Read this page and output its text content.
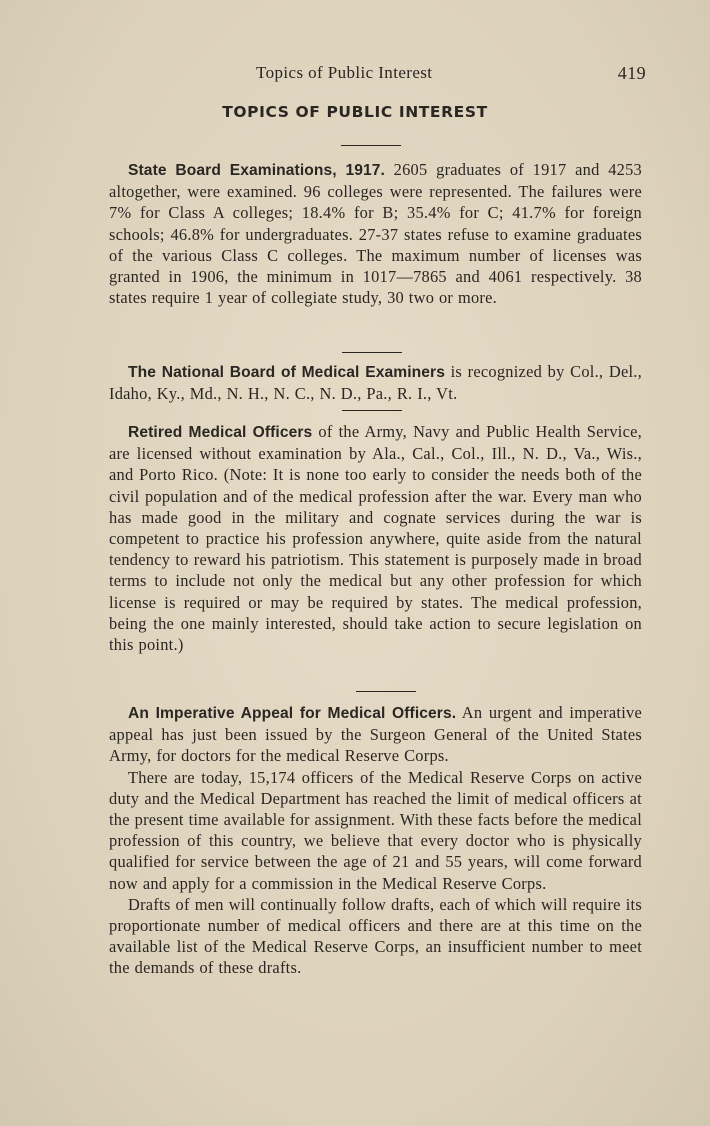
Topics of Public Interest	419
TOPICS OF PUBLIC INTEREST

State Board Examinations, 1917. 2605 graduates of 1917 and 4253 altogether, were examined. 96 colleges were represented. The failures were 7% for Class A colleges; 18.4% for B; 35.4% for C; 41.7% for foreign schools; 46.8% for undergraduates. 27-37 states refuse to examine graduates of the various Class C colleges. The maximum number of licenses was granted in 1906, the minimum in 1017—7865 and 4061 respectively. 38 states require 1 year of collegiate study, 30 two or more.

The National Board of Medical Examiners is recognized by Col., Del., Idaho, Ky., Md., N. H., N. C., N. D., Pa., R. I., Vt.

Retired Medical Officers of the Army, Navy and Public Health Service, are licensed without examination by Ala., Cal., Col., Ill., N. D., Va., Wis., and Porto Rico. (Note: It is none too early to consider the needs both of the civil population and of the medical profession after the war. Every man who has made good in the military and cognate services during the war is competent to practice his profession anywhere, quite aside from the natural tendency to reward his patriotism. This statement is purposely made in broad terms to include not only the medical but any other profession for which license is required or may be required by states. The medical profession, being the one mainly interested, should take action to secure legislation on this point.)

An Imperative Appeal for Medical Officers. An urgent and imperative appeal has just been issued by the Surgeon General of the United States Army, for doctors for the medical Reserve Corps.

There are today, 15,174 officers of the Medical Reserve Corps on active duty and the Medical Department has reached the limit of medical officers at the present time available for assignment. With these facts before the medical profession of this country, we believe that every doctor who is physically qualified for service between the age of 21 and 55 years, will come forward now and apply for a commission in the Medical Reserve Corps.

Drafts of men will continually follow drafts, each of which will require its proportionate number of medical officers and there are at this time on the available list of the Medical Reserve Corps, an insufficient number to meet the demands of these drafts.
